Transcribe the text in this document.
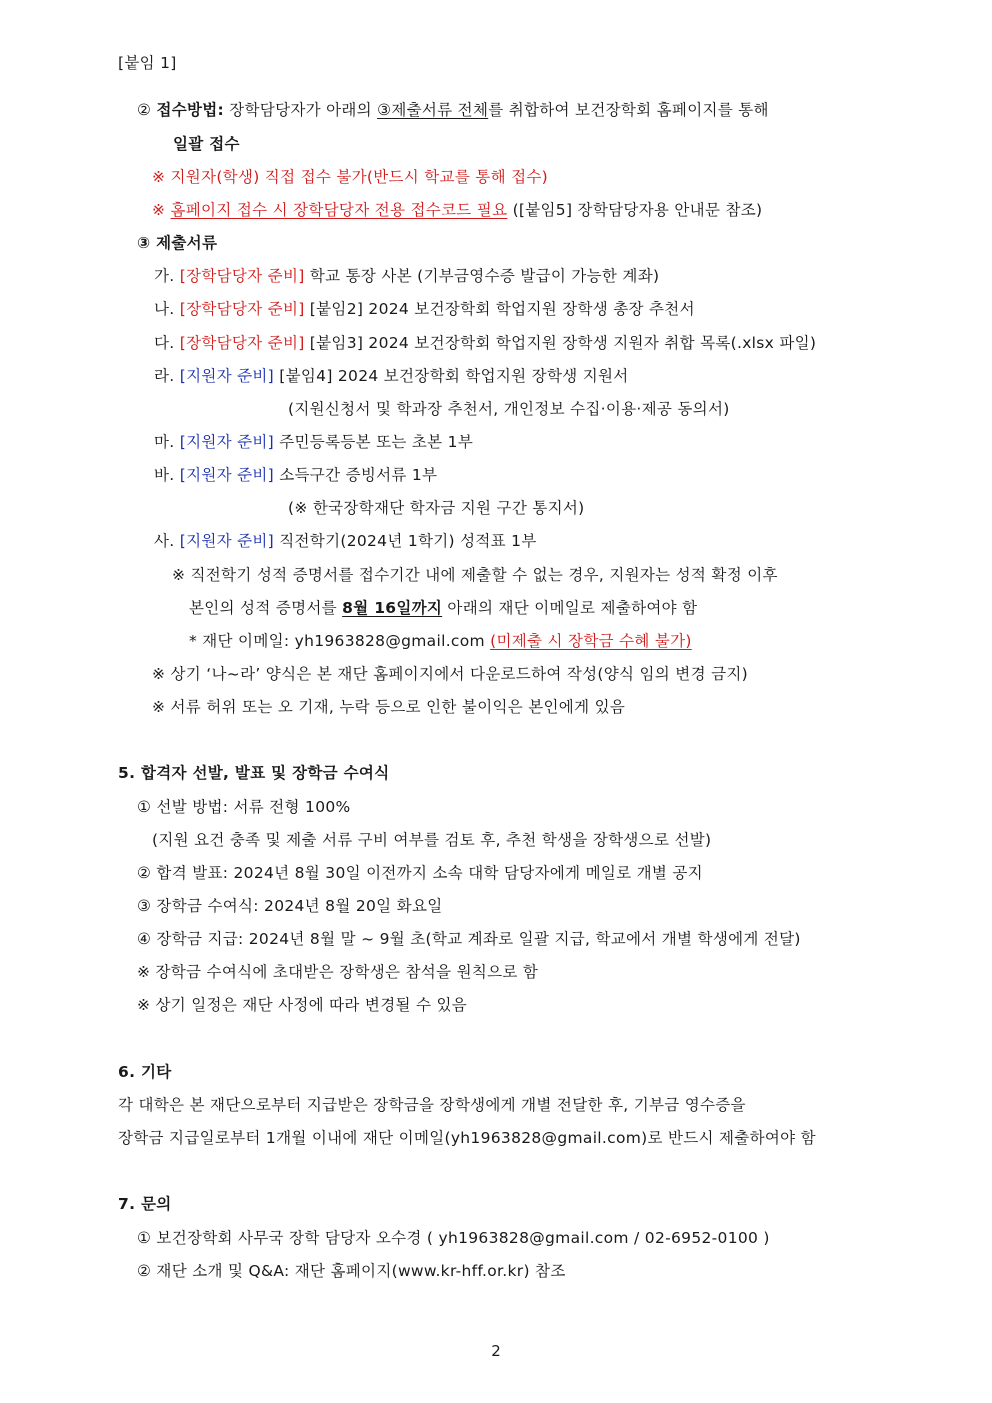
[붙임 1]
② 접수방법: 장학담당자가 아래의 ③제출서류 전체를 취합하여 보건장학회 홈페이지를 통해
일괄 접수
※ 지원자(학생) 직접 접수 불가(반드시 학교를 통해 접수)
※ 홈페이지 접수 시 장학담당자 전용 접수코드 필요 ([붙임5] 장학담당자용 안내문 참조)
③ 제출서류
가. [장학담당자 준비] 학교 통장 사본 (기부금영수증 발급이 가능한 계좌)
나. [장학담당자 준비] [붙임2] 2024 보건장학회 학업지원 장학생 총장 추천서
다. [장학담당자 준비] [붙임3] 2024 보건장학회 학업지원 장학생 지원자 취합 목록(.xlsx 파일)
라. [지원자 준비] [붙임4] 2024 보건장학회 학업지원 장학생 지원서
(지원신청서 및 학과장 추천서, 개인정보 수집·이용·제공 동의서)
마. [지원자 준비] 주민등록등본 또는 초본 1부
바. [지원자 준비] 소득구간 증빙서류 1부
(※ 한국장학재단 학자금 지원 구간 통지서)
사. [지원자 준비] 직전학기(2024년 1학기) 성적표 1부
※ 직전학기 성적 증명서를 접수기간 내에 제출할 수 없는 경우, 지원자는 성적 확정 이후
본인의 성적 증명서를 8월 16일까지 아래의 재단 이메일로 제출하여야 함
* 재단 이메일: yh1963828@gmail.com (미제출 시 장학금 수혜 불가)
※ 상기 ‘나~라’ 양식은 본 재단 홈페이지에서 다운로드하여 작성(양식 임의 변경 금지)
※ 서류 허위 또는 오 기재, 누락 등으로 인한 불이익은 본인에게 있음
5. 합격자 선발, 발표 및 장학금 수여식
① 선발 방법: 서류 전형 100%
(지원 요건 충족 및 제출 서류 구비 여부를 검토 후, 추천 학생을 장학생으로 선발)
② 합격 발표: 2024년 8월 30일 이전까지 소속 대학 담당자에게 메일로 개별 공지
③ 장학금 수여식: 2024년 8월 20일 화요일
④ 장학금 지급: 2024년 8월 말 ~ 9월 초(학교 계좌로 일괄 지급, 학교에서 개별 학생에게 전달)
※ 장학금 수여식에 초대받은 장학생은 참석을 원칙으로 함
※ 상기 일정은 재단 사정에 따라 변경될 수 있음
6. 기타
각 대학은 본 재단으로부터 지급받은 장학금을 장학생에게 개별 전달한 후, 기부금 영수증을
장학금 지급일로부터 1개월 이내에 재단 이메일(yh1963828@gmail.com)로 반드시 제출하여야 함
7. 문의
① 보건장학회 사무국 장학 담당자 오수경 ( yh1963828@gmail.com / 02-6952-0100 )
② 재단 소개 및 Q&A: 재단 홈페이지(www.kr-hff.or.kr) 참조
2
